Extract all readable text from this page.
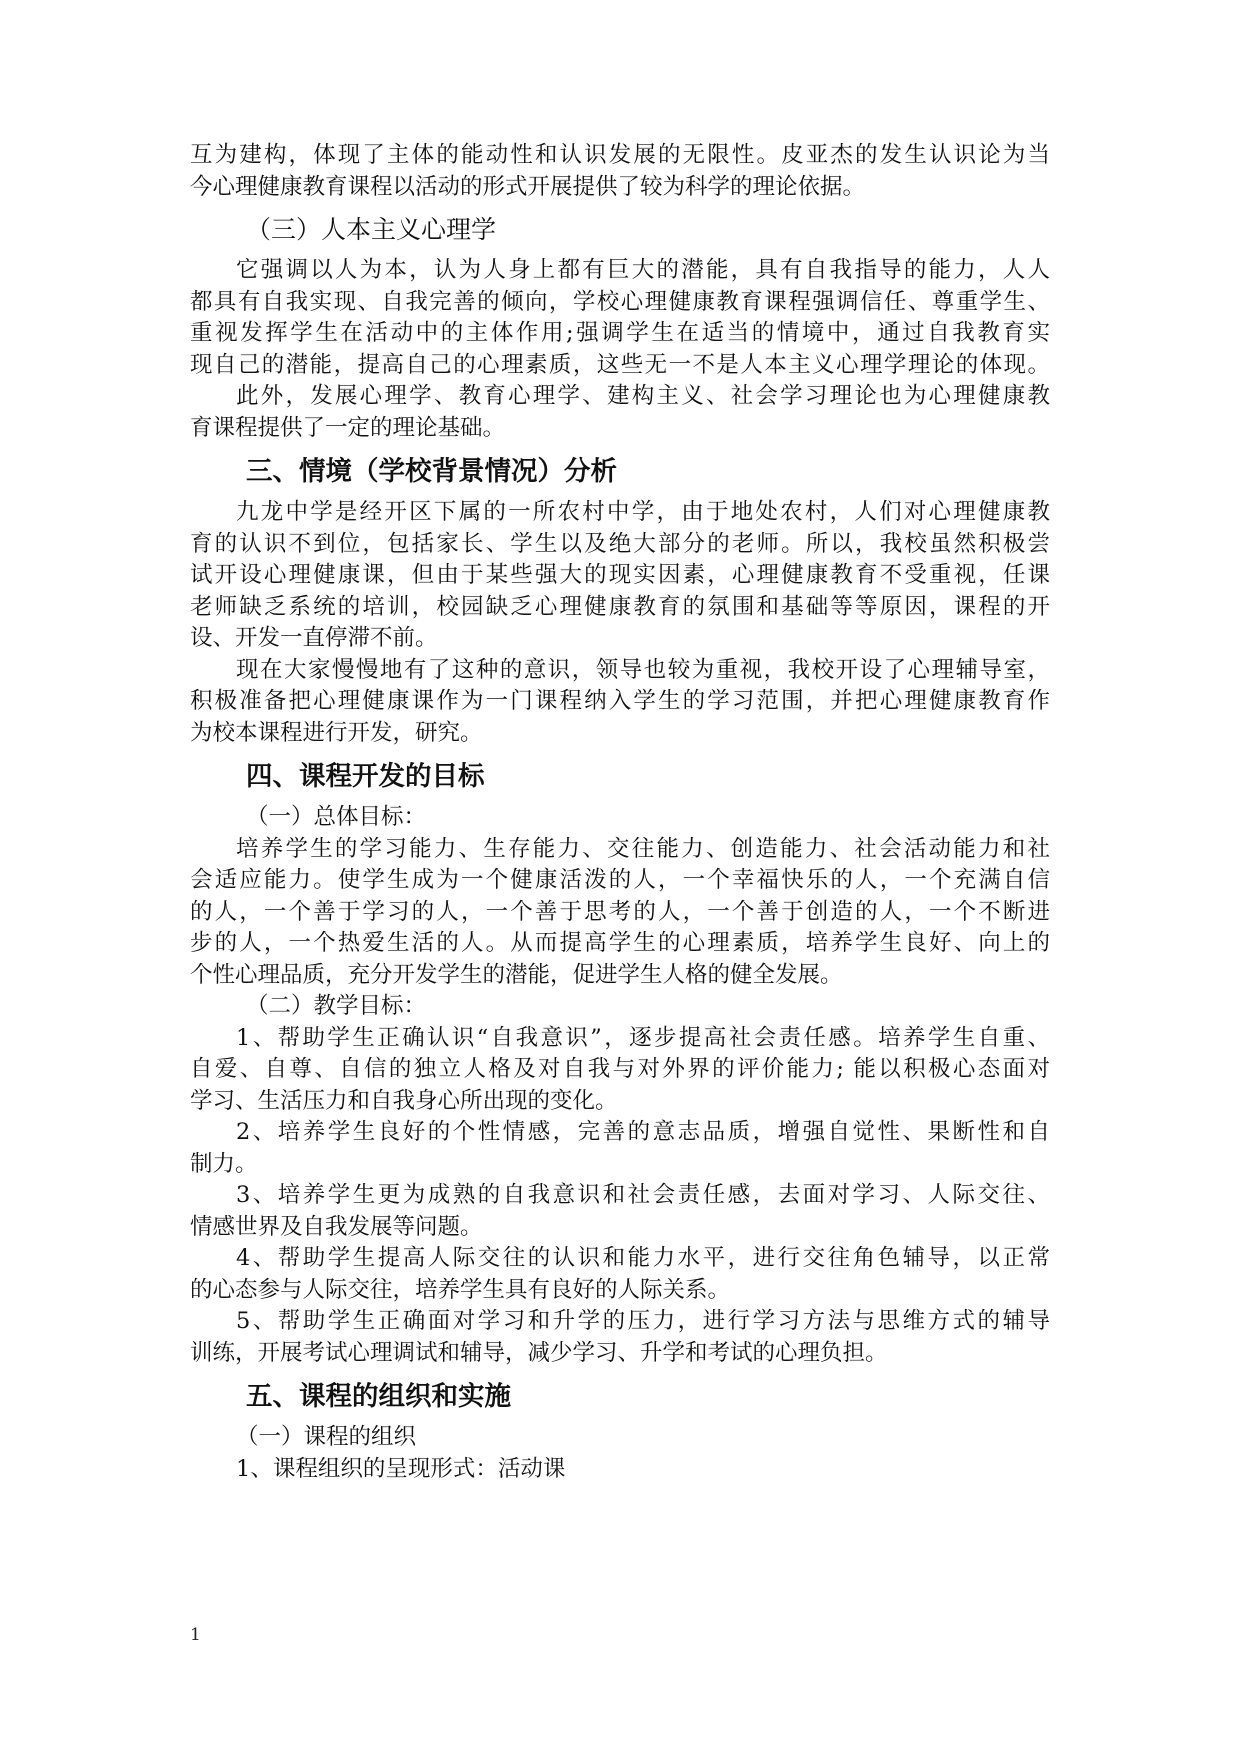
互为建构，体现了主体的能动性和认识发展的无限性。皮亚杰的发生认识论为当
今心理健康教育课程以活动的形式开展提供了较为科学的理论依据。
（三）人本主义心理学
它强调以人为本，认为人身上都有巨大的潜能，具有自我指导的能力，人人
都具有自我实现、自我完善的倾向，学校心理健康教育课程强调信任、尊重学生、
重视发挥学生在活动中的主体作用;强调学生在适当的情境中，通过自我教育实
现自己的潜能，提高自己的心理素质，这些无一不是人本主义心理学理论的体现。
此外，发展心理学、教育心理学、建构主义、社会学习理论也为心理健康教
育课程提供了一定的理论基础。
三、情境（学校背景情况）分析
九龙中学是经开区下属的一所农村中学，由于地处农村，人们对心理健康教
育的认识不到位，包括家长、学生以及绝大部分的老师。所以，我校虽然积极尝
试开设心理健康课，但由于某些强大的现实因素，心理健康教育不受重视，任课
老师缺乏系统的培训，校园缺乏心理健康教育的氛围和基础等等原因，课程的开
设、开发一直停滞不前。
现在大家慢慢地有了这种的意识，领导也较为重视，我校开设了心理辅导室，
积极准备把心理健康课作为一门课程纳入学生的学习范围，并把心理健康教育作
为校本课程进行开发，研究。
四、课程开发的目标
（一）总体目标：
培养学生的学习能力、生存能力、交往能力、创造能力、社会活动能力和社
会适应能力。使学生成为一个健康活泼的人，一个幸福快乐的人，一个充满自信
的人，一个善于学习的人，一个善于思考的人，一个善于创造的人，一个不断进
步的人，一个热爱生活的人。从而提高学生的心理素质，培养学生良好、向上的
个性心理品质，充分开发学生的潜能，促进学生人格的健全发展。
（二）教学目标：
1、帮助学生正确认识“自我意识”，逐步提高社会责任感。培养学生自重、
自爱、自尊、自信的独立人格及对自我与对外界的评价能力; 能以积极心态面对
学习、生活压力和自我身心所出现的变化。
2、培养学生良好的个性情感，完善的意志品质，增强自觉性、果断性和自
制力。
3、培养学生更为成熟的自我意识和社会责任感，去面对学习、人际交往、
情感世界及自我发展等问题。
4、帮助学生提高人际交往的认识和能力水平，进行交往角色辅导，以正常
的心态参与人际交往，培养学生具有良好的人际关系。
5、帮助学生正确面对学习和升学的压力，进行学习方法与思维方式的辅导
训练，开展考试心理调试和辅导，减少学习、升学和考试的心理负担。
五、课程的组织和实施
（一）课程的组织
1、课程组织的呈现形式：活动课
1
